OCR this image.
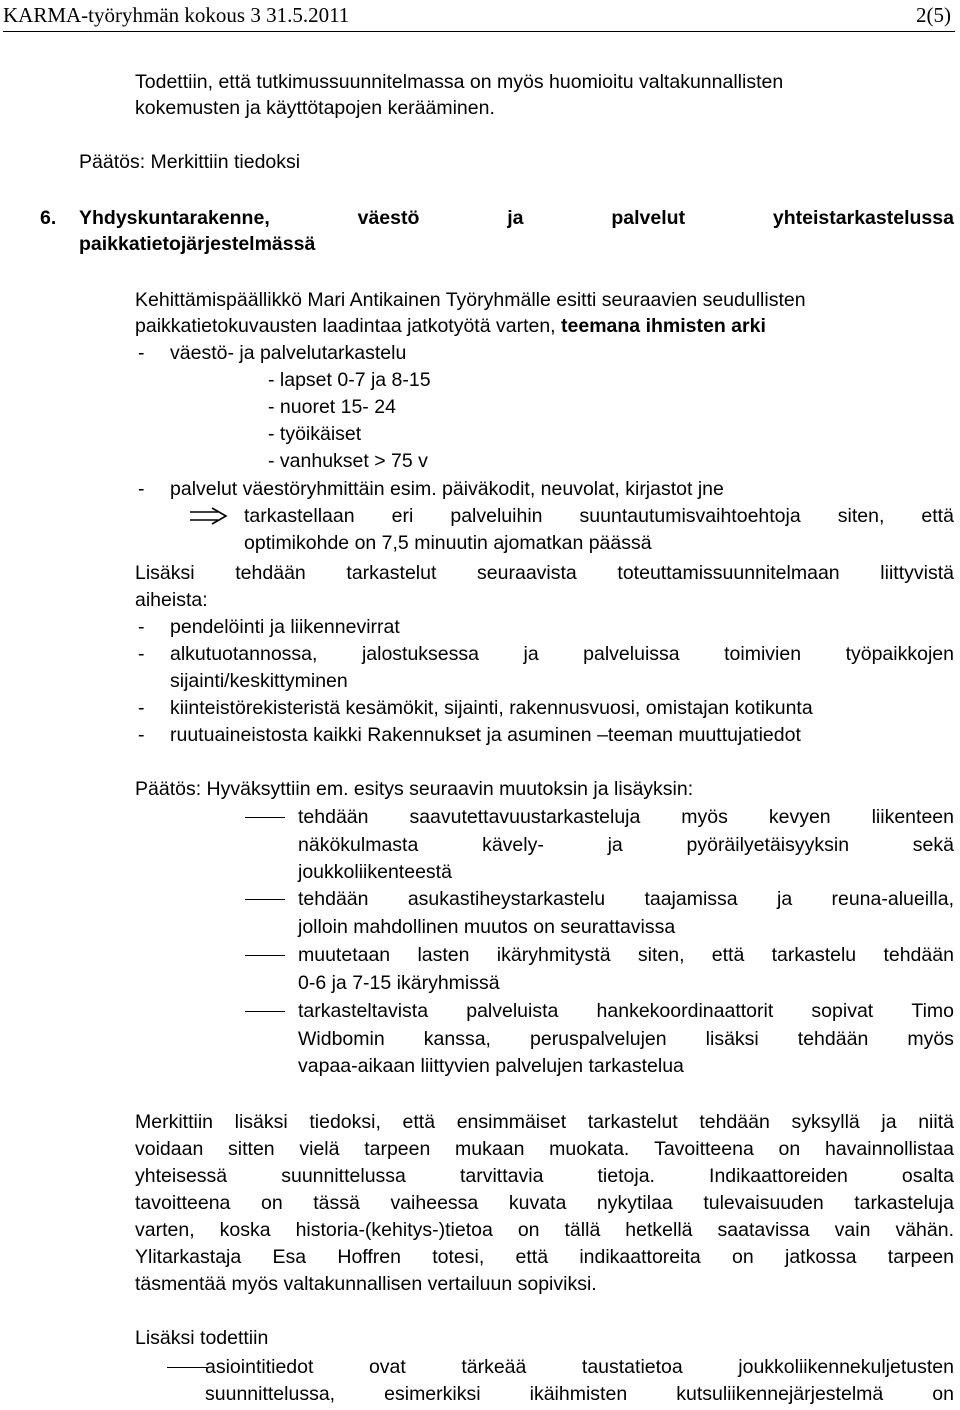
KARMA-työryhmän kokous 3 31.5.2011	2(5)
Todettiin, että tutkimussuunnitelmassa on myös huomioitu valtakunnallisten
kokemusten ja käyttötapojen kerääminen.
Päätös: Merkittiin tiedoksi
6. Yhdyskuntarakenne,	väestö	ja	palvelut	yhteistarkastelussa
paikkatietojärjestelmässä
Kehittämispäällikkö Mari Antikainen Työryhmälle esitti seuraavien seudullisten
paikkatietokuvausten laadintaa jatkotyötä varten, teemana ihmisten arki
- väestö- ja palvelutarkastelu
- lapset 0-7 ja 8-15
- nuoret 15- 24
- työikäiset
- vanhukset > 75 v
- palvelut väestöryhmittäin esim. päiväkodit, neuvolat, kirjastot jne
tarkastellaan eri palveluihin suuntautumisvaihtoehtoja siten, että
optimikohde on 7,5 minuutin ajomatkan päässä
Lisäksi tehdään tarkastelut seuraavista toteuttamissuunnitelmaan liittyvistä
aiheista:
- pendelöinti ja liikennevirrat
- alkutuotannossa, jalostuksessa ja palveluissa toimivien työpaikkojen
sijainti/keskittyminen
- kiinteistörekisteristä kesämökit, sijainti, rakennusvuosi, omistajan kotikunta
- ruutuaineistosta kaikki Rakennukset ja asuminen –teeman muuttujatiedot
Päätös: Hyväksyttiin em. esitys seuraavin muutoksin ja lisäyksin:
tehdään saavutettavuustarkasteluja myös kevyen liikenteen
näkökulmasta	kävely-	ja	pyöräilyetäisyyksin	sekä
joukkoliikenteestä
tehdään asukastiheystarkastelu taajamissa ja reuna-alueilla,
jolloin mahdollinen muutos on seurattavissa
muutetaan lasten ikäryhmitystä siten, että tarkastelu tehdään
0-6 ja 7-15 ikäryhmissä
tarkasteltavista palveluista hankekoordinaattorit sopivat Timo
Widbomin kanssa, peruspalvelujen lisäksi tehdään myös
vapaa-aikaan liittyvien palvelujen tarkastelua
Merkittiin lisäksi tiedoksi, että ensimmäiset tarkastelut tehdään syksyllä ja niitä
voidaan sitten vielä tarpeen mukaan muokata. Tavoitteena on havainnollistaa
yhteisessä	suunnittelussa	tarvittavia	tietoja.	Indikaattoreiden	osalta
tavoitteena on tässä vaiheessa kuvata nykytilaa tulevaisuuden tarkasteluja
varten, koska historia-(kehitys-)tietoa on tällä hetkellä saatavissa vain vähän.
Ylitarkastaja Esa Hoffren totesi, että indikaattoreita on jatkossa tarpeen
täsmentää myös valtakunnallisen vertailuun sopiviksi.
Lisäksi todettiin
asiointitiedot	ovat	tärkeää	taustatietoa	joukkoliikennekuljetusten
suunnittelussa,	esimerkiksi	ikäihmisten	kutsuliikennejärjestelmä	on
